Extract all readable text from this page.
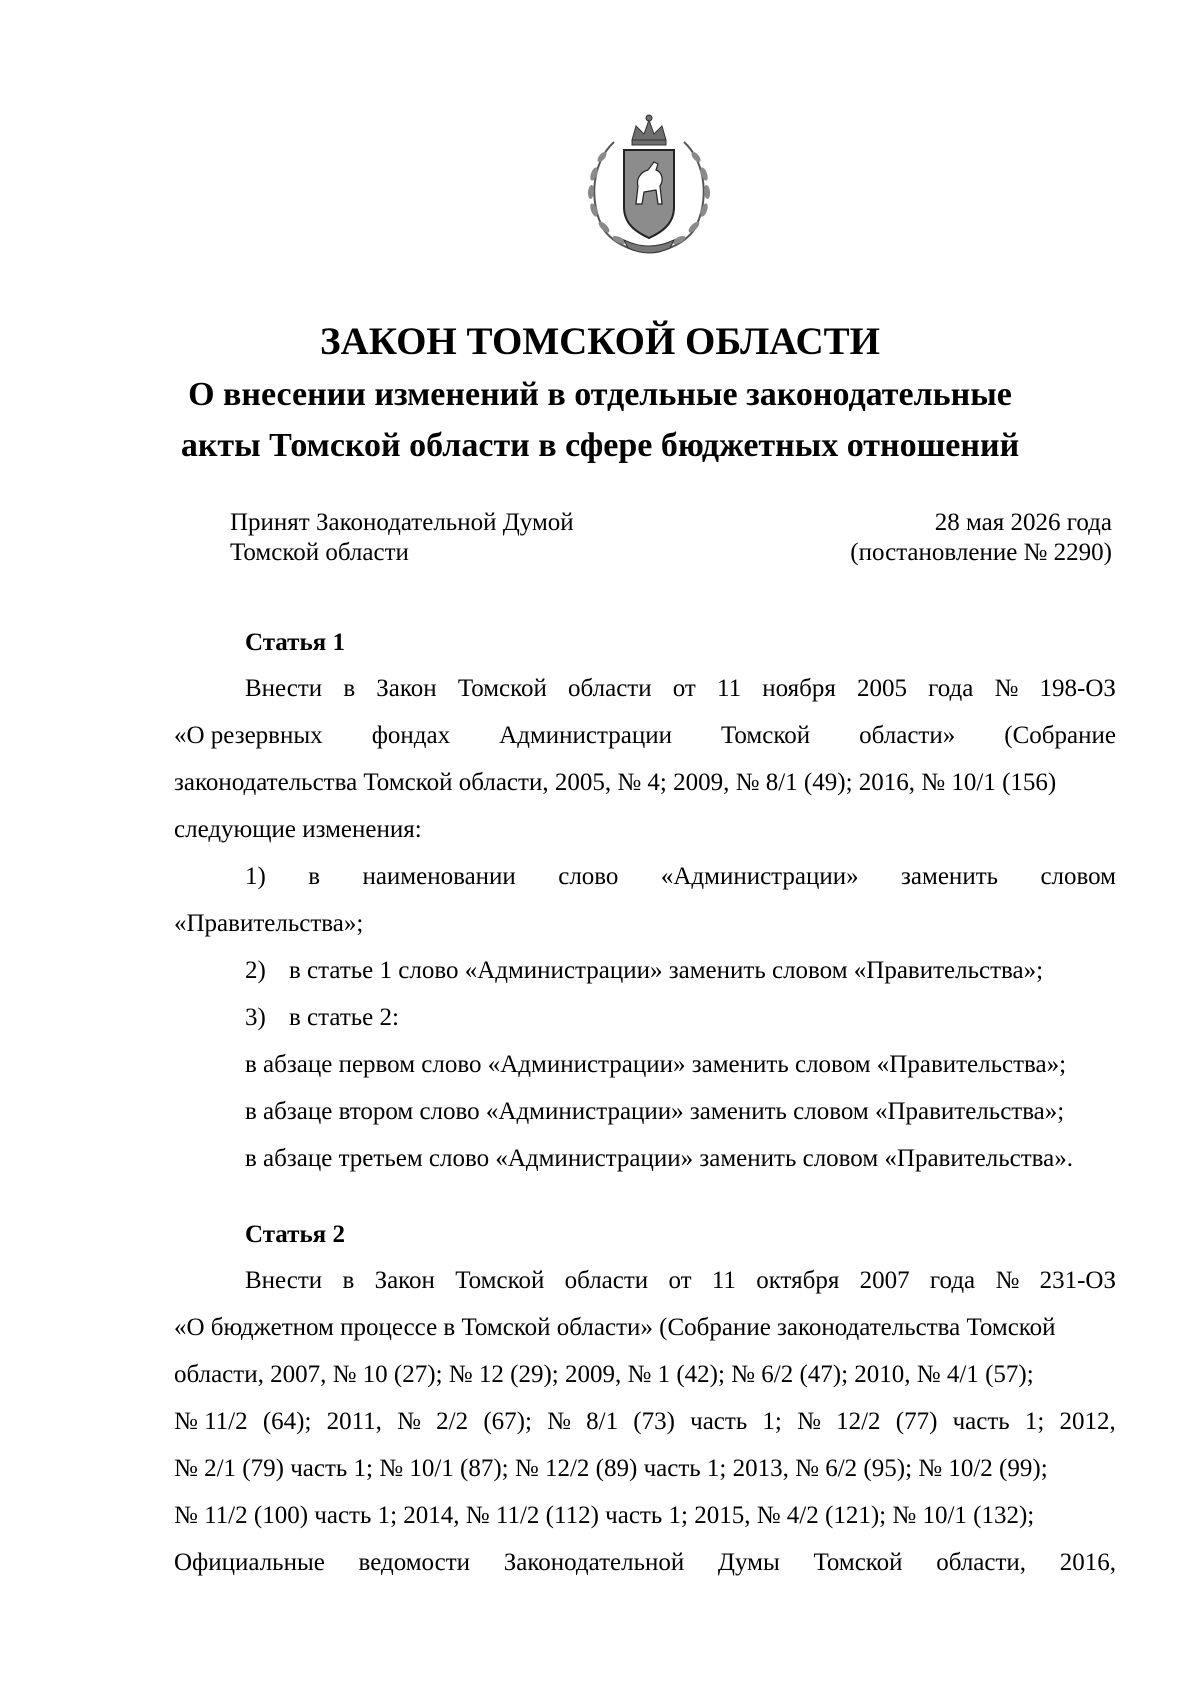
ЗАКОН ТОМСКОЙ ОБЛАСТИ
О внесении изменений в отдельные законодательные
акты Томской области в сфере бюджетных отношений
Принят Законодательной Думой
Томской области
28 мая 2026 года
(постановление № 2290)
Статья 1
Внести в Закон Томской области от 11 ноября 2005 года № 198-ОЗ
«О резервных фондах Администрации Томской области» (Собрание
законодательства Томской области, 2005, № 4; 2009, № 8/1 (49); 2016, № 10/1 (156)
следующие изменения:
1) в наименовании слово «Администрации» заменить словом
«Правительства»;
2) в статье 1 слово «Администрации» заменить словом «Правительства»;
3) в статье 2:
в абзаце первом слово «Администрации» заменить словом «Правительства»;
в абзаце втором слово «Администрации» заменить словом «Правительства»;
в абзаце третьем слово «Администрации» заменить словом «Правительства».
Статья 2
Внести в Закон Томской области от 11 октября 2007 года № 231-ОЗ
«О бюджетном процессе в Томской области» (Собрание законодательства Томской
области, 2007, № 10 (27); № 12 (29); 2009, № 1 (42); № 6/2 (47); 2010, № 4/1 (57);
№ 11/2 (64); 2011, № 2/2 (67); № 8/1 (73) часть 1; № 12/2 (77) часть 1; 2012,
№ 2/1 (79) часть 1; № 10/1 (87); № 12/2 (89) часть 1; 2013, № 6/2 (95); № 10/2 (99);
№ 11/2 (100) часть 1; 2014, № 11/2 (112) часть 1; 2015, № 4/2 (121); № 10/1 (132);
Официальные ведомости Законодательной Думы Томской области, 2016,
